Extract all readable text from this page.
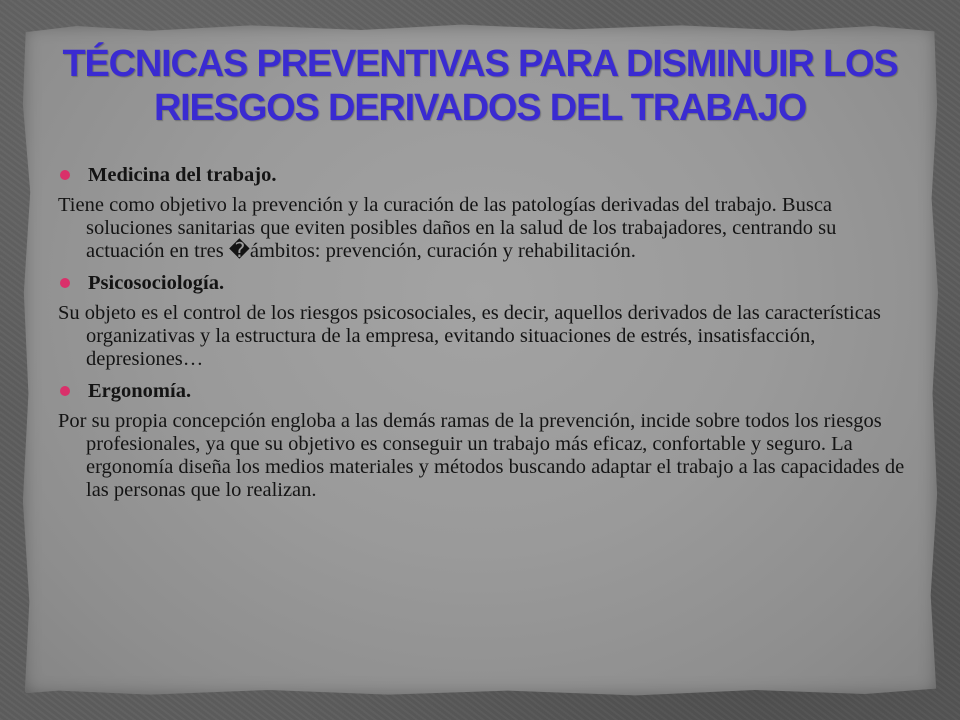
TÉCNICAS PREVENTIVAS PARA DISMINUIR LOS RIESGOS DERIVADOS DEL TRABAJO
Medicina del trabajo.

Tiene como objetivo la prevención y la curación de las patologías derivadas del trabajo. Busca soluciones sanitarias que eviten posibles daños en la salud de los trabajadores, centrando su actuación en tres �ámbitos: prevención, curación y rehabilitación.

Psicosociología.

Su objeto es el control de los riesgos psicosociales, es decir, aquellos derivados de las características organizativas y la estructura de la empresa, evitando situaciones de estrés, insatisfacción, depresiones…

Ergonomía.

Por su propia concepción engloba a las demás ramas de la prevención, incide sobre todos los riesgos profesionales, ya que su objetivo es conseguir un trabajo más eficaz, confortable y seguro. La ergonomía diseña los medios materiales y métodos buscando adaptar el trabajo a las capacidades de las personas que lo realizan.
